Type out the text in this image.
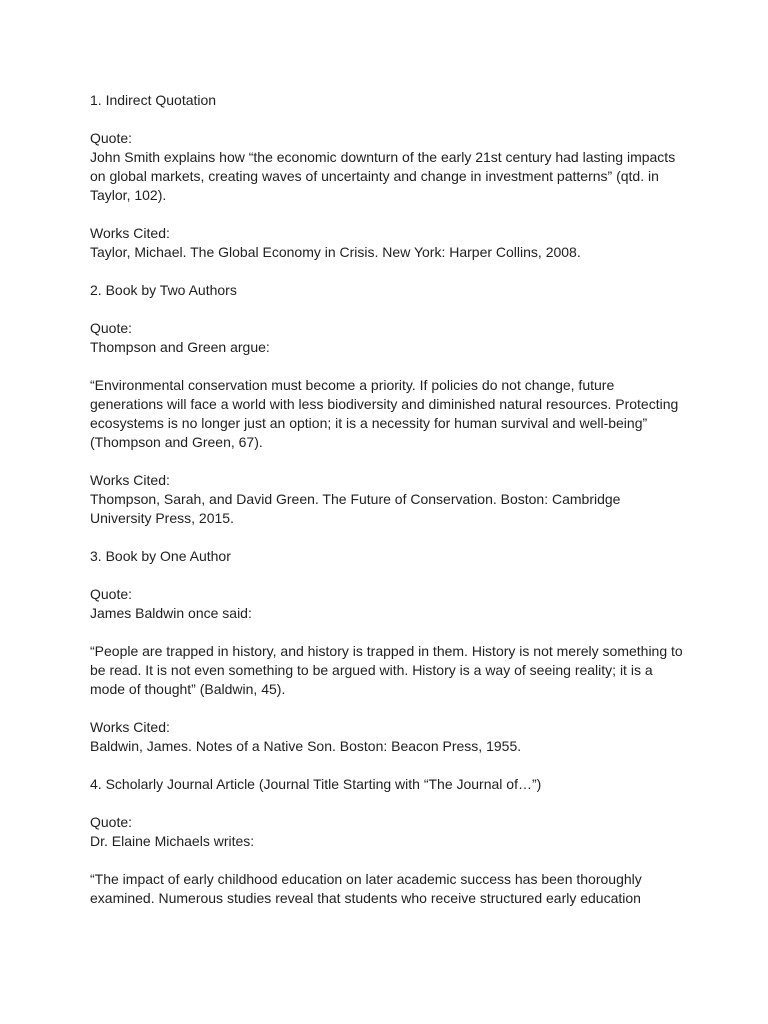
1. Indirect Quotation

Quote:

John Smith explains how “the economic downturn of the early 21st century had lasting impacts

on global markets, creating waves of uncertainty and change in investment patterns” (qtd. in

Taylor, 102).

Works Cited:

Taylor, Michael. The Global Economy in Crisis. New York: Harper Collins, 2008.

2. Book by Two Authors

Quote:

Thompson and Green argue:

“Environmental conservation must become a priority. If policies do not change, future

generations will face a world with less biodiversity and diminished natural resources. Protecting

ecosystems is no longer just an option; it is a necessity for human survival and well-being”

(Thompson and Green, 67).

Works Cited:

Thompson, Sarah, and David Green. The Future of Conservation. Boston: Cambridge

University Press, 2015.

3. Book by One Author

Quote:

James Baldwin once said:

“People are trapped in history, and history is trapped in them. History is not merely something to

be read. It is not even something to be argued with. History is a way of seeing reality; it is a

mode of thought” (Baldwin, 45).

Works Cited:

Baldwin, James. Notes of a Native Son. Boston: Beacon Press, 1955.

4. Scholarly Journal Article (Journal Title Starting with “The Journal of…”)

Quote:

Dr. Elaine Michaels writes:

“The impact of early childhood education on later academic success has been thoroughly

examined. Numerous studies reveal that students who receive structured early education
